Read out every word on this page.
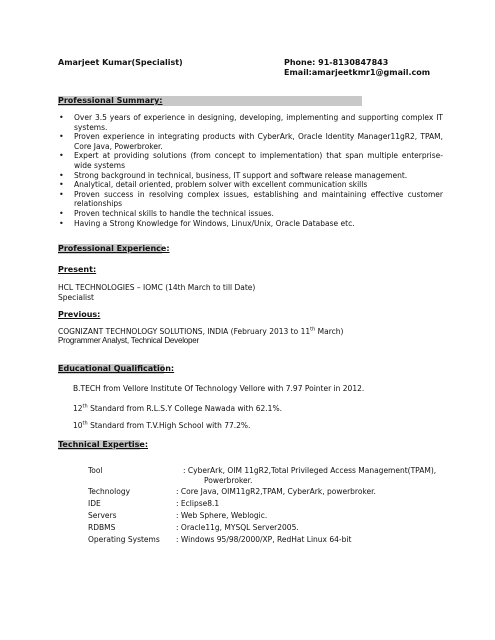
Amarjeet Kumar(Specialist)	Phone: 91-8130847843
Email:amarjeetkmr1@gmail.com
Professional Summary:
• Over 3.5 years of experience in designing, developing, implementing and supporting complex IT systems.
• Proven experience in integrating products with CyberArk, Oracle Identity Manager11gR2, TPAM, Core Java, Powerbroker.
• Expert at providing solutions (from concept to implementation) that span multiple enterprise-wide systems
• Strong background in technical, business, IT support and software release management.
• Analytical, detail oriented, problem solver with excellent communication skills
• Proven success in resolving complex issues, establishing and maintaining effective customer relationships
• Proven technical skills to handle the technical issues.
• Having a Strong Knowledge for Windows, Linux/Unix, Oracle Database etc.
Professional Experience:
Present:
HCL TECHNOLOGIES – IOMC (14th March to till Date)
Specialist
Previous:
COGNIZANT TECHNOLOGY SOLUTIONS, INDIA (February 2013 to 11th March)
Programmer Analyst, Technical Developer
Educational Qualification:
B.TECH from Vellore Institute Of Technology Vellore with 7.97 Pointer in 2012.
12th Standard from R.L.S.Y College Nawada with 62.1%.
10th Standard from T.V.High School with 77.2%.
Technical Expertise:
Tool	: CyberArk, OIM 11gR2,Total Privileged Access Management(TPAM),
Powerbroker.
Technology	: Core Java, OIM11gR2,TPAM, CyberArk, powerbroker.
IDE	: Eclipse8.1
Servers	: Web Sphere, Weblogic.
RDBMS	: Oracle11g, MYSQL Server2005.
Operating Systems : Windows 95/98/2000/XP, RedHat Linux 64-bit
